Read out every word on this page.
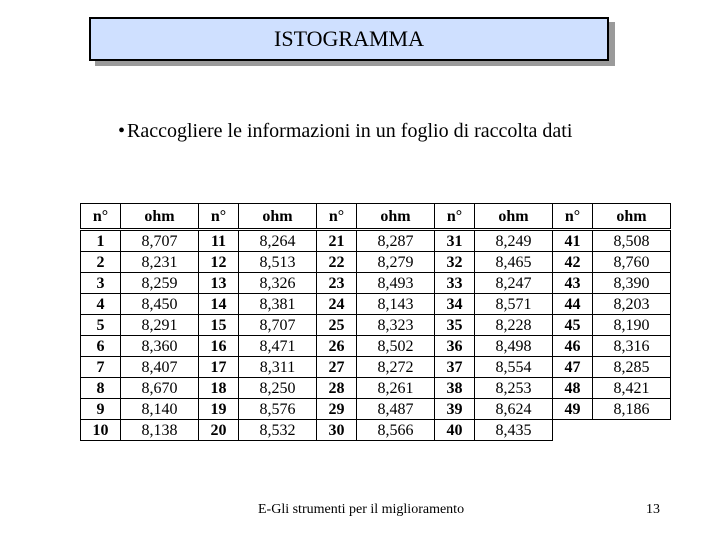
ISTOGRAMMA
• Raccogliere le informazioni in un foglio di raccolta dati
n°	ohm	n°	ohm	n°	ohm	n°	ohm	n°	ohm
1	8,707	11	8,264	21	8,287	31	8,249	41	8,508
2	8,231	12	8,513	22	8,279	32	8,465	42	8,760
3	8,259	13	8,326	23	8,493	33	8,247	43	8,390
4	8,450	14	8,381	24	8,143	34	8,571	44	8,203
5	8,291	15	8,707	25	8,323	35	8,228	45	8,190
6	8,360	16	8,471	26	8,502	36	8,498	46	8,316
7	8,407	17	8,311	27	8,272	37	8,554	47	8,285
8	8,670	18	8,250	28	8,261	38	8,253	48	8,421
9	8,140	19	8,576	29	8,487	39	8,624	49	8,186
10	8,138	20	8,532	30	8,566	40	8,435		
E-Gli strumenti per il miglioramento	13
